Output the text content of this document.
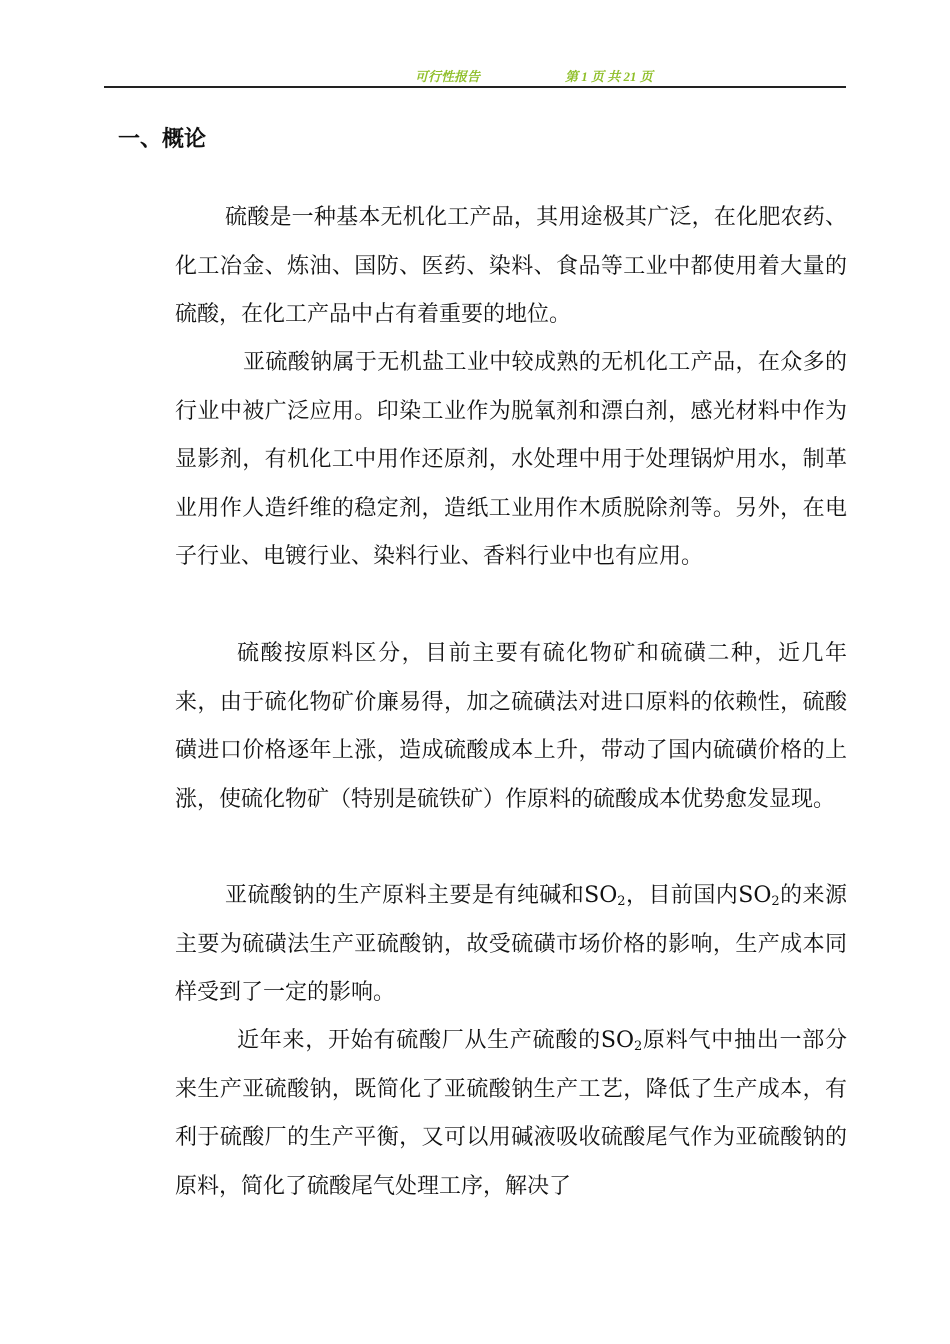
可行性报告	第 1 页 共 21 页
一、概论

硫酸是一种基本无机化工产品，其用途极其广泛，在化肥农药、化工冶金、炼油、国防、医药、染料、食品等工业中都使用着大量的硫酸，在化工产品中占有着重要的地位。

亚硫酸钠属于无机盐工业中较成熟的无机化工产品，在众多的行业中被广泛应用。印染工业作为脱氧剂和漂白剂，感光材料中作为显影剂，有机化工中用作还原剂，水处理中用于处理锅炉用水，制革业用作人造纤维的稳定剂，造纸工业用作木质脱除剂等。另外，在电子行业、电镀行业、染料行业、香料行业中也有应用。

硫酸按原料区分，目前主要有硫化物矿和硫磺二种，近几年来，由于硫化物矿价廉易得，加之硫磺法对进口原料的依赖性，硫酸磺进口价格逐年上涨，造成硫酸成本上升，带动了国内硫磺价格的上涨，使硫化物矿（特别是硫铁矿）作原料的硫酸成本优势愈发显现。

亚硫酸钠的生产原料主要是有纯碱和$SO_2$，目前国内$SO_2$的来源主要为硫磺法生产亚硫酸钠，故受硫磺市场价格的影响，生产成本同样受到了一定的影响。

近年来，开始有硫酸厂从生产硫酸的$SO_2$原料气中抽出一部分来生产亚硫酸钠，既简化了亚硫酸钠生产工艺，降低了生产成本，有利于硫酸厂的生产平衡，又可以用碱液吸收硫酸尾气作为亚硫酸钠的原料，简化了硫酸尾气处理工序，解决了
